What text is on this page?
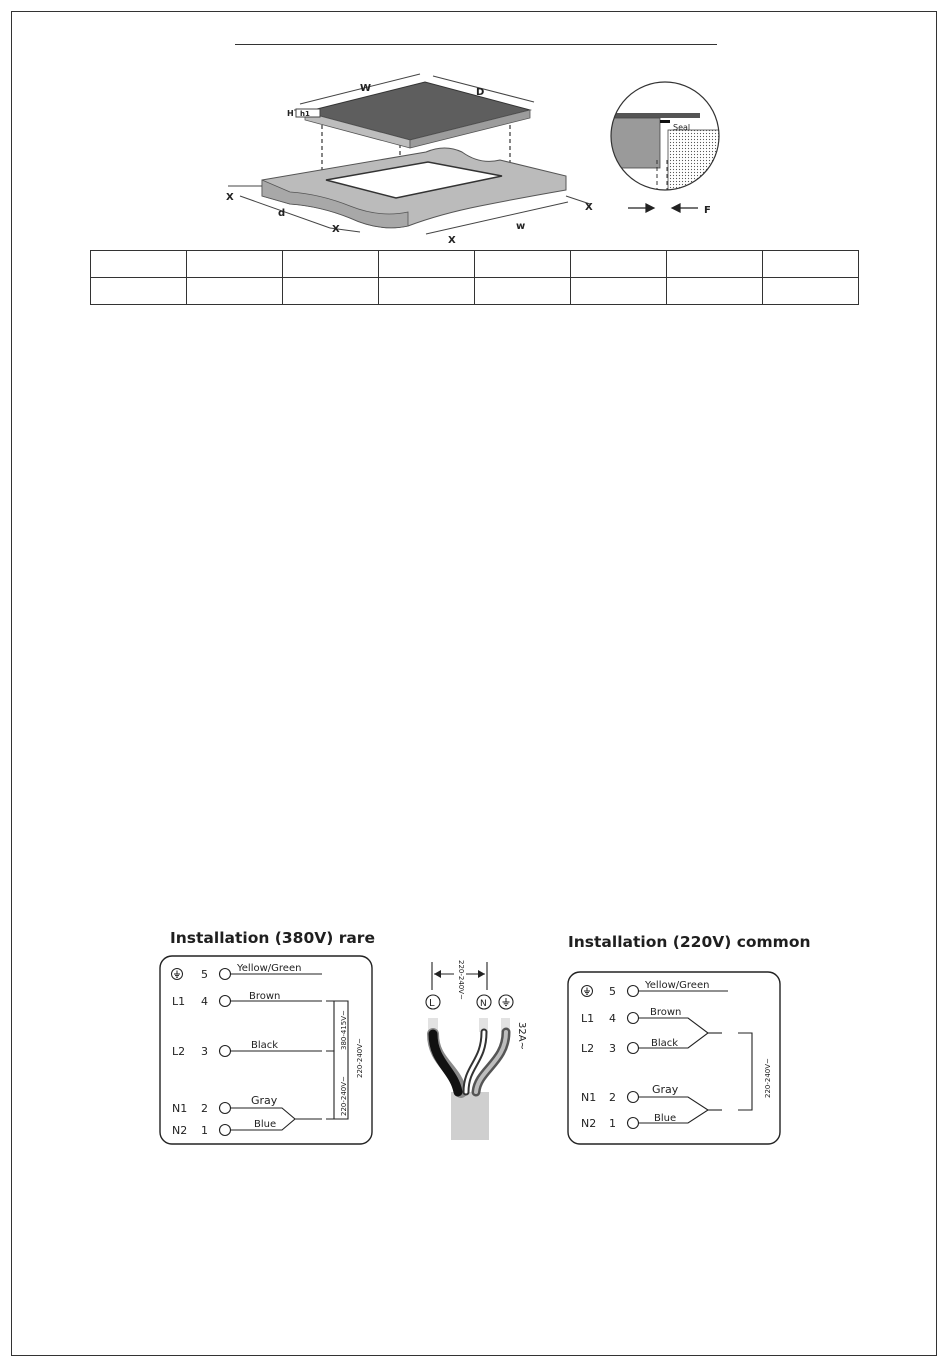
W	D
H h1
X
d
X
X
w
X
Seal
F

Installation (380V) rare	Installation (220V) common
5
L1 4
L2 3
N1 2
N2 1
Yellow/Green
Brown
Black
Gray
Blue
380-415V~
220-240V~
220-240V~
220-240V~
L	N
32A~
5
L1 4
L2 3
N1 2
N2 1
Yellow/Green
Brown
Black
Gray
Blue
220-240V~
